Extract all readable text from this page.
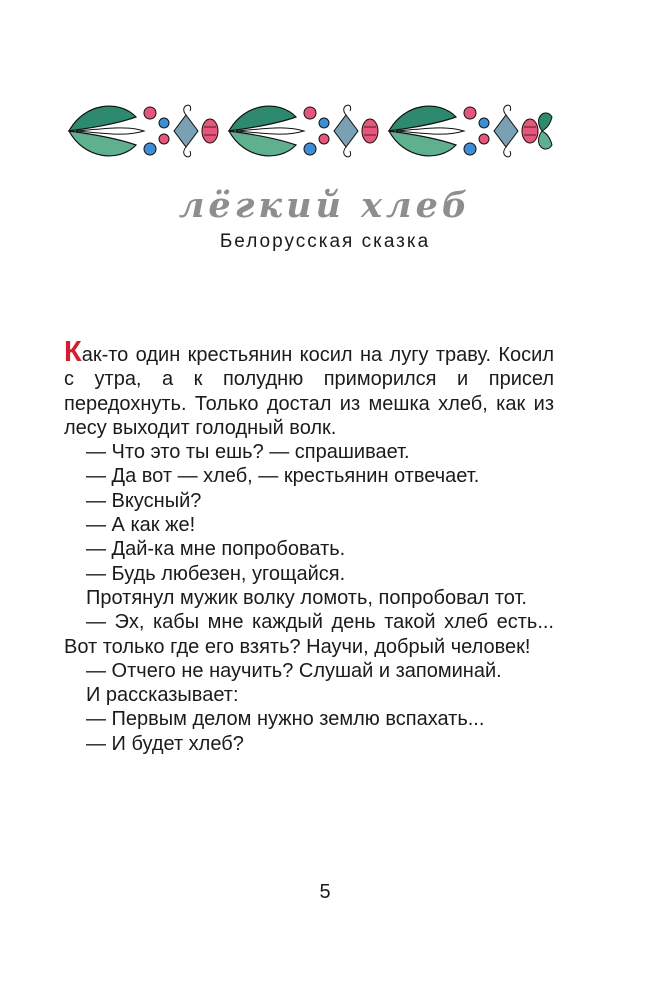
лёгкий хлеб
Белорусская сказка

Как-то один крестьянин косил на лугу траву. Косил с утра, а к полудню приморился и присел передохнуть. Только достал из мешка хлеб, как из лесу выходит голодный волк.

— Что это ты ешь? — спрашивает.

— Да вот — хлеб, — крестьянин отвечает.

— Вкусный?

— А как же!

— Дай-ка мне попробовать.

— Будь любезен, угощайся.

Протянул мужик волку ломоть, попробовал тот.

— Эх, кабы мне каждый день такой хлеб есть... Вот только где его взять? Научи, добрый человек!

— Отчего не научить? Слушай и запоминай.

И рассказывает:

— Первым делом нужно землю вспахать...

— И будет хлеб?

5
